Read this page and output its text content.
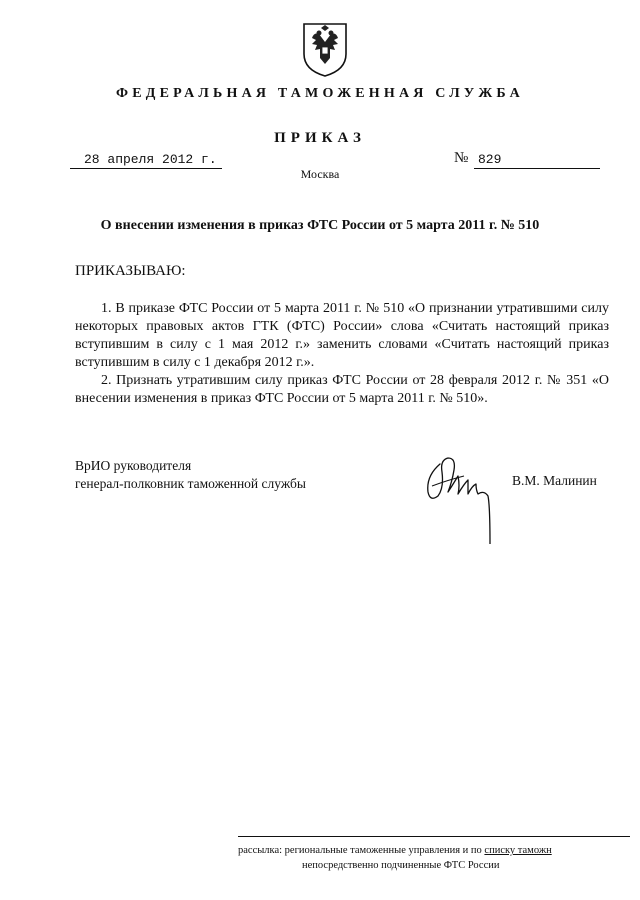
ФЕДЕРАЛЬНАЯ ТАМОЖЕННАЯ СЛУЖБА
ПРИКАЗ
28 апреля 2012 г.	№ 829
Москва
О внесении изменения в приказ ФТС России от 5 марта 2011 г. № 510
ПРИКАЗЫВАЮ:
1. В приказе ФТС России от 5 марта 2011 г. № 510 «О признании утратившими силу некоторых правовых актов ГТК (ФТС) России» слова «Считать настоящий приказ вступившим в силу с 1 мая 2012 г.» заменить словами «Считать настоящий приказ вступившим в силу с 1 декабря 2012 г.».
2. Признать утратившим силу приказ ФТС России от 28 февраля 2012 г. № 351 «О внесении изменения в приказ ФТС России от 5 марта 2011 г. № 510».
ВрИО руководителя
генерал-полковник таможенной службы	В.М. Малинин
рассылка: региональные таможенные управления и по списку таможн
непосредственно подчиненные ФТС России
